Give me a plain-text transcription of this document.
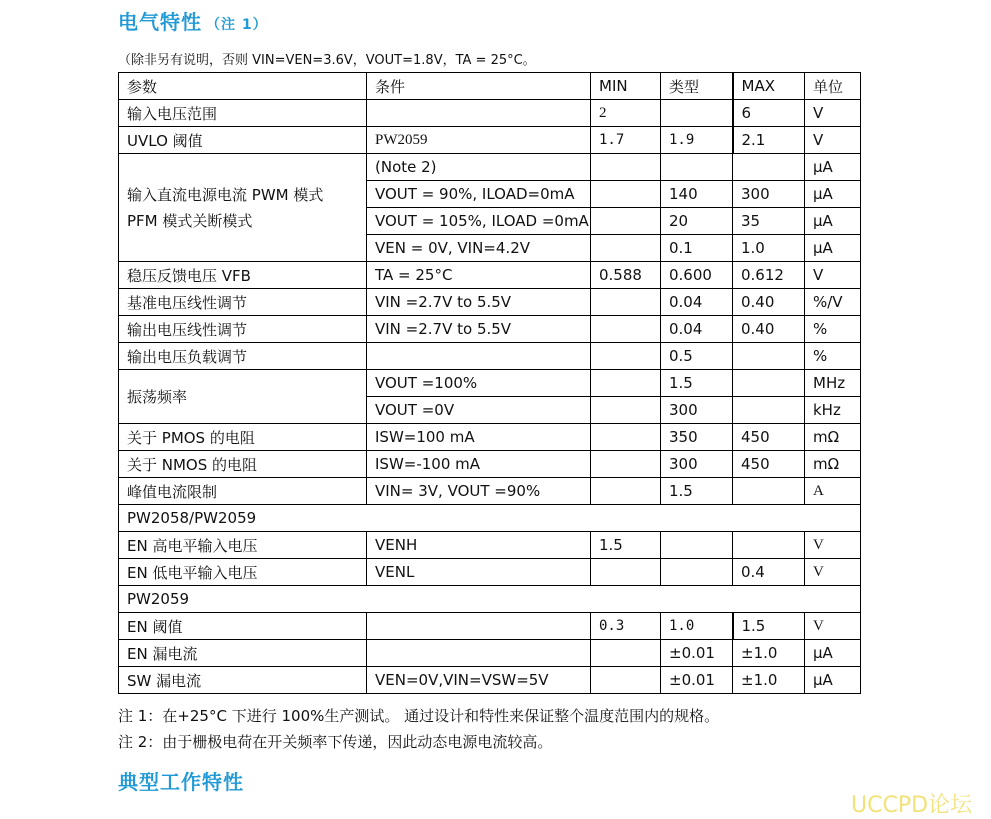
电气特性 （注 1）
（除非另有说明，否则 VIN=VEN=3.6V，VOUT=1.8V，TA = 25°C。
参数	条件	MIN	类型	MAX	单位
输入电压范围		2		6	V
UVLO 阈值	PW2059	1.7	1.9	2.1	V

输入直流电源电流 PWM 模式
PFM 模式关断模式	(Note 2)				μA
	VOUT = 90%, ILOAD=0mA		140	300	μA
	VOUT = 105%, ILOAD =0mA		20	35	μA
	VEN = 0V, VIN=4.2V		0.1	1.0	μA
稳压反馈电压 VFB	TA = 25°C	0.588	0.600	0.612	V
基准电压线性调节	VIN =2.7V to 5.5V		0.04	0.40	%/V
输出电压线性调节	VIN =2.7V to 5.5V		0.04	0.40	%
输出电压负载调节			0.5		%
振荡频率	VOUT =100%		1.5		MHz
	VOUT =0V		300		kHz
关于 PMOS 的电阻	ISW=100 mA		350	450	mΩ
关于 NMOS 的电阻	ISW=-100 mA		300	450	mΩ
峰值电流限制	VIN= 3V, VOUT =90%		1.5		A
PW2058/PW2059					
EN 高电平输入电压	VENH	1.5			V
EN 低电平输入电压	VENL			0.4	V
PW2059					
EN 阈值		0.3	1.0	1.5	V
EN 漏电流			±0.01	±1.0	μA
SW 漏电流	VEN=0V,VIN=VSW=5V		±0.01	±1.0	μA
注 1：在+25°C 下进行 100%生产测试。 通过设计和特性来保证整个温度范围内的规格。
注 2：由于栅极电荷在开关频率下传递，因此动态电源电流较高。
典型工作特性
UCCPD论坛
